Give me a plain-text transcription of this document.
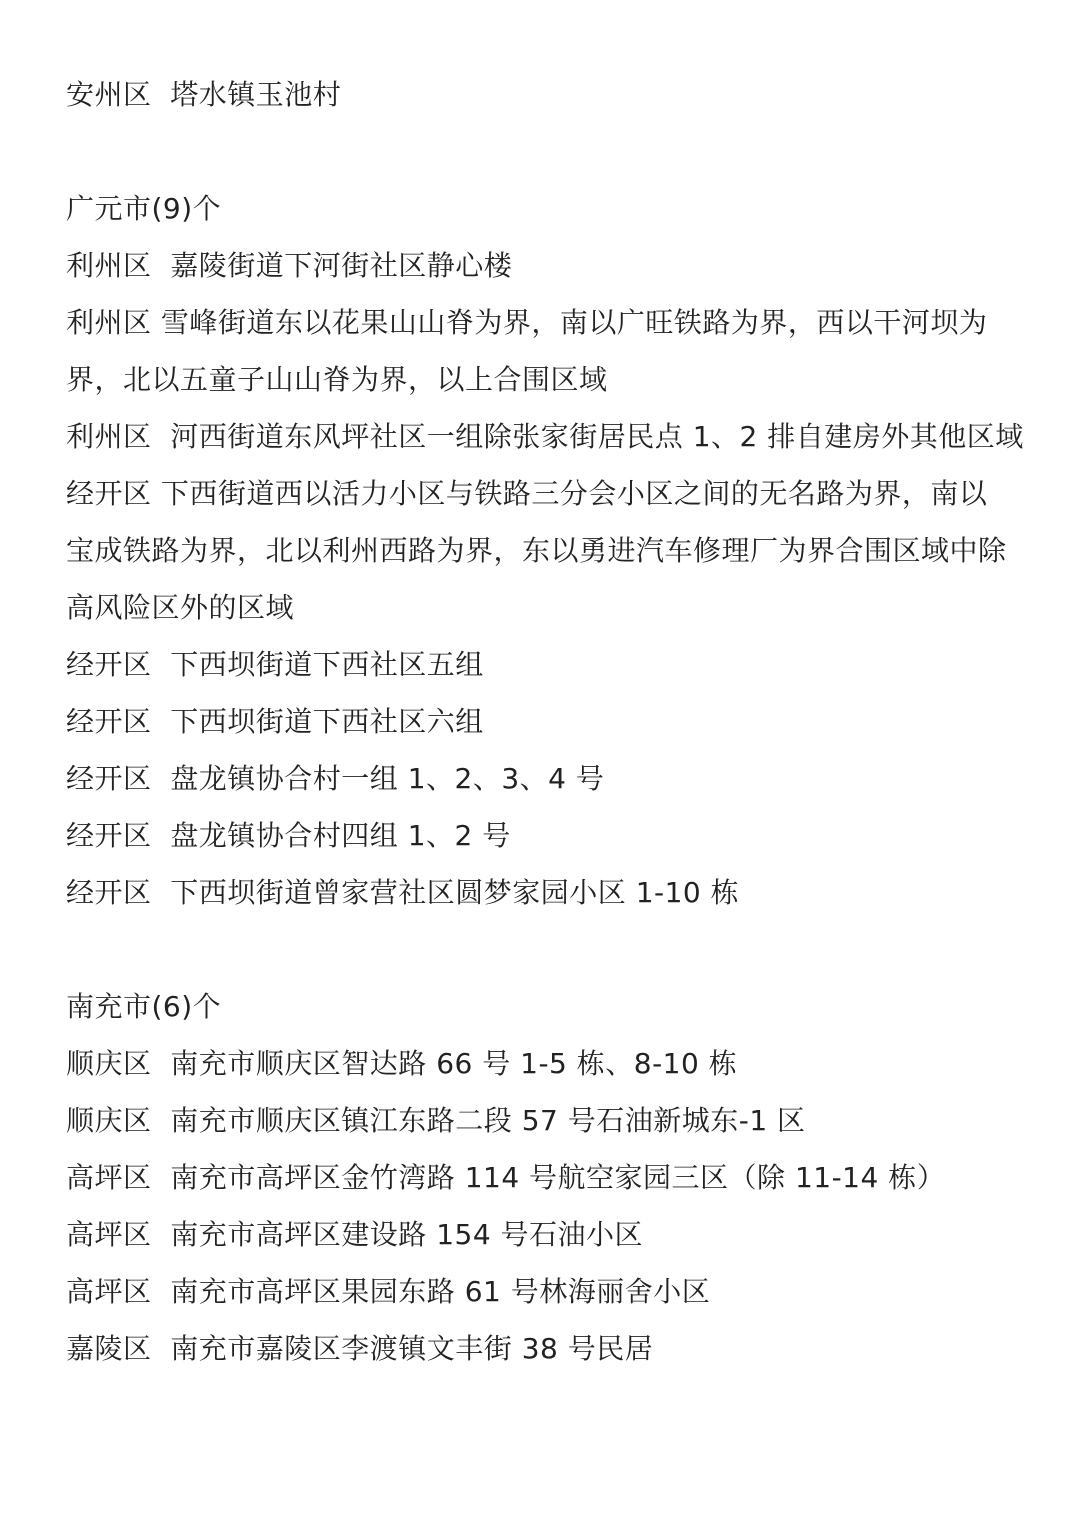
安州区  塔水镇玉池村
广元市(9)个
利州区  嘉陵街道下河街社区静心楼
利州区 雪峰街道东以花果山山脊为界，南以广旺铁路为界，西以干河坝为
界，北以五童子山山脊为界，以上合围区域
利州区  河西街道东风坪社区一组除张家街居民点 1、2 排自建房外其他区域
经开区 下西街道西以活力小区与铁路三分会小区之间的无名路为界，南以
宝成铁路为界，北以利州西路为界，东以勇进汽车修理厂为界合围区域中除
高风险区外的区域
经开区  下西坝街道下西社区五组
经开区  下西坝街道下西社区六组
经开区  盘龙镇协合村一组 1、2、3、4 号
经开区  盘龙镇协合村四组 1、2 号
经开区  下西坝街道曾家营社区圆梦家园小区 1-10 栋
南充市(6)个
顺庆区  南充市顺庆区智达路 66 号 1-5 栋、8-10 栋
顺庆区  南充市顺庆区镇江东路二段 57 号石油新城东-1 区
高坪区  南充市高坪区金竹湾路 114 号航空家园三区（除 11-14 栋）
高坪区  南充市高坪区建设路 154 号石油小区
高坪区  南充市高坪区果园东路 61 号林海丽舍小区
嘉陵区  南充市嘉陵区李渡镇文丰街 38 号民居
